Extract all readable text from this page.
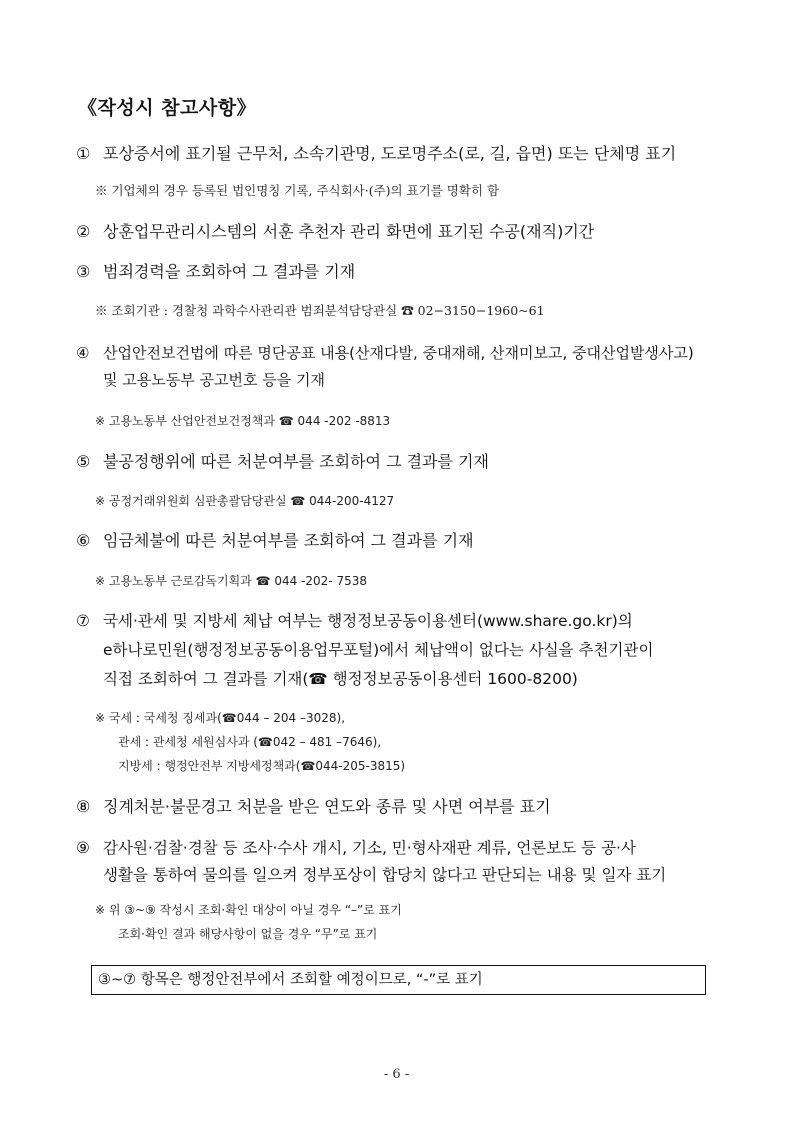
《작성시 참고사항》
① 포상증서에 표기될 근무처, 소속기관명, 도로명주소(로, 길, 읍면) 또는 단체명 표기
※ 기업체의 경우 등록된 법인명칭 기록, 주식회사·(주)의 표기를 명확히 함
② 상훈업무관리시스템의 서훈 추천자 관리 화면에 표기된 수공(재직)기간
③ 범죄경력을 조회하여 그 결과를 기재
※ 조회기관 : 경찰청 과학수사관리관 범죄분석담당관실 ☎ 02−3150−1960~61
④ 산업안전보건법에 따른 명단공표 내용(산재다발, 중대재해, 산재미보고, 중대산업발생사고)
및 고용노동부 공고번호 등을 기재
※ 고용노동부 산업안전보건정책과 ☎ 044 -202 -8813
⑤ 불공정행위에 따른 처분여부를 조회하여 그 결과를 기재
※ 공정거래위원회 심판총괄담당관실 ☎ 044-200-4127
⑥ 임금체불에 따른 처분여부를 조회하여 그 결과를 기재
※ 고용노동부 근로감독기획과 ☎ 044 -202- 7538
⑦ 국세·관세 및 지방세 체납 여부는 행정정보공동이용센터(www.share.go.kr)의
e하나로민원(행정정보공동이용업무포털)에서 체납액이 없다는 사실을 추천기관이
직접 조회하여 그 결과를 기재(☎ 행정정보공동이용센터 1600-8200)
※ 국세 : 국세청 징세과(☎044 – 204 –3028),
관세 : 관세청 세원심사과 (☎042 – 481 –7646),
지방세 : 행정안전부 지방세정책과(☎044-205-3815)
⑧ 징계처분·불문경고 처분을 받은 연도와 종류 및 사면 여부를 표기
⑨ 감사원·검찰·경찰 등 조사·수사 개시, 기소, 민·형사재판 계류, 언론보도 등 공·사
생활을 통하여 물의를 일으켜 정부포상이 합당치 않다고 판단되는 내용 및 일자 표기
※ 위 ③~⑨ 작성시 조회·확인 대상이 아닐 경우 “–”로 표기
조회·확인 결과 해당사항이 없을 경우 “무”로 표기
③~⑦ 항목은 행정안전부에서 조회할 예정이므로, “-”로 표기
- 6 -
